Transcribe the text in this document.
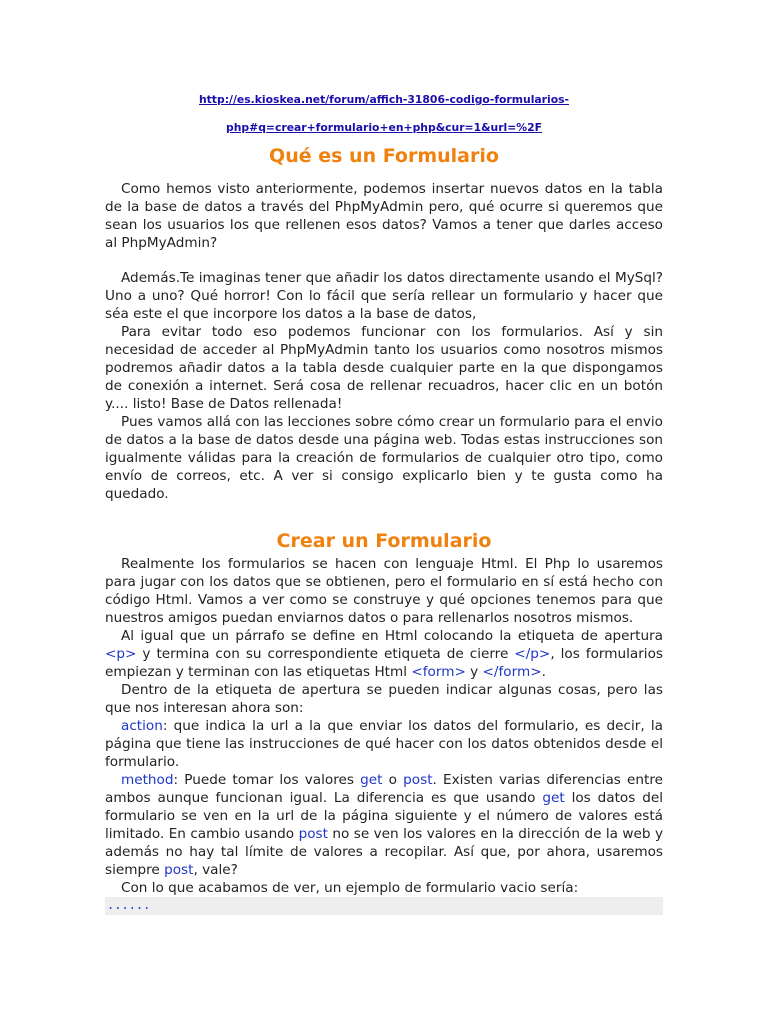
http://es.kioskea.net/forum/affich-31806-codigo-formularios-
php#q=crear+formulario+en+php&cur=1&url=%2F
Qué es un Formulario

Como hemos visto anteriormente, podemos insertar nuevos datos en la tabla de la base de datos a través del PhpMyAdmin pero, qué ocurre si queremos que sean los usuarios los que rellenen esos datos? Vamos a tener que darles acceso al PhpMyAdmin?

Además.Te imaginas tener que añadir los datos directamente usando el MySql? Uno a uno? Qué horror! Con lo fácil que sería rellear un formulario y hacer que séa este el que incorpore los datos a la base de datos,

Para evitar todo eso podemos funcionar con los formularios. Así y sin necesidad de acceder al PhpMyAdmin tanto los usuarios como nosotros mismos podremos añadir datos a la tabla desde cualquier parte en la que dispongamos de conexión a internet. Será cosa de rellenar recuadros, hacer clic en un botón y.... listo! Base de Datos rellenada!

Pues vamos allá con las lecciones sobre cómo crear un formulario para el envio de datos a la base de datos desde una página web. Todas estas instrucciones son igualmente válidas para la creación de formularios de cualquier otro tipo, como envío de correos, etc. A ver si consigo explicarlo bien y te gusta como ha quedado.

Crear un Formulario

Realmente los formularios se hacen con lenguaje Html. El Php lo usaremos para jugar con los datos que se obtienen, pero el formulario en sí está hecho con código Html. Vamos a ver como se construye y qué opciones tenemos para que nuestros amigos puedan enviarnos datos o para rellenarlos nosotros mismos.

Al igual que un párrafo se define en Html colocando la etiqueta de apertura <p> y termina con su correspondiente etiqueta de cierre </p>, los formularios empiezan y terminan con las etiquetas Html <form> y </form>.

Dentro de la etiqueta de apertura se pueden indicar algunas cosas, pero las que nos interesan ahora son:

action: que indica la url a la que enviar los datos del formulario, es decir, la página que tiene las instrucciones de qué hacer con los datos obtenidos desde el formulario.

method: Puede tomar los valores get o post. Existen varias diferencias entre ambos aunque funcionan igual. La diferencia es que usando get los datos del formulario se ven en la url de la página siguiente y el número de valores está limitado. En cambio usando post no se ven los valores en la dirección de la web y además no hay tal límite de valores a recopilar. Así que, por ahora, usaremos siempre post, vale?

Con lo que acabamos de ver, un ejemplo de formulario vacio sería:

......
